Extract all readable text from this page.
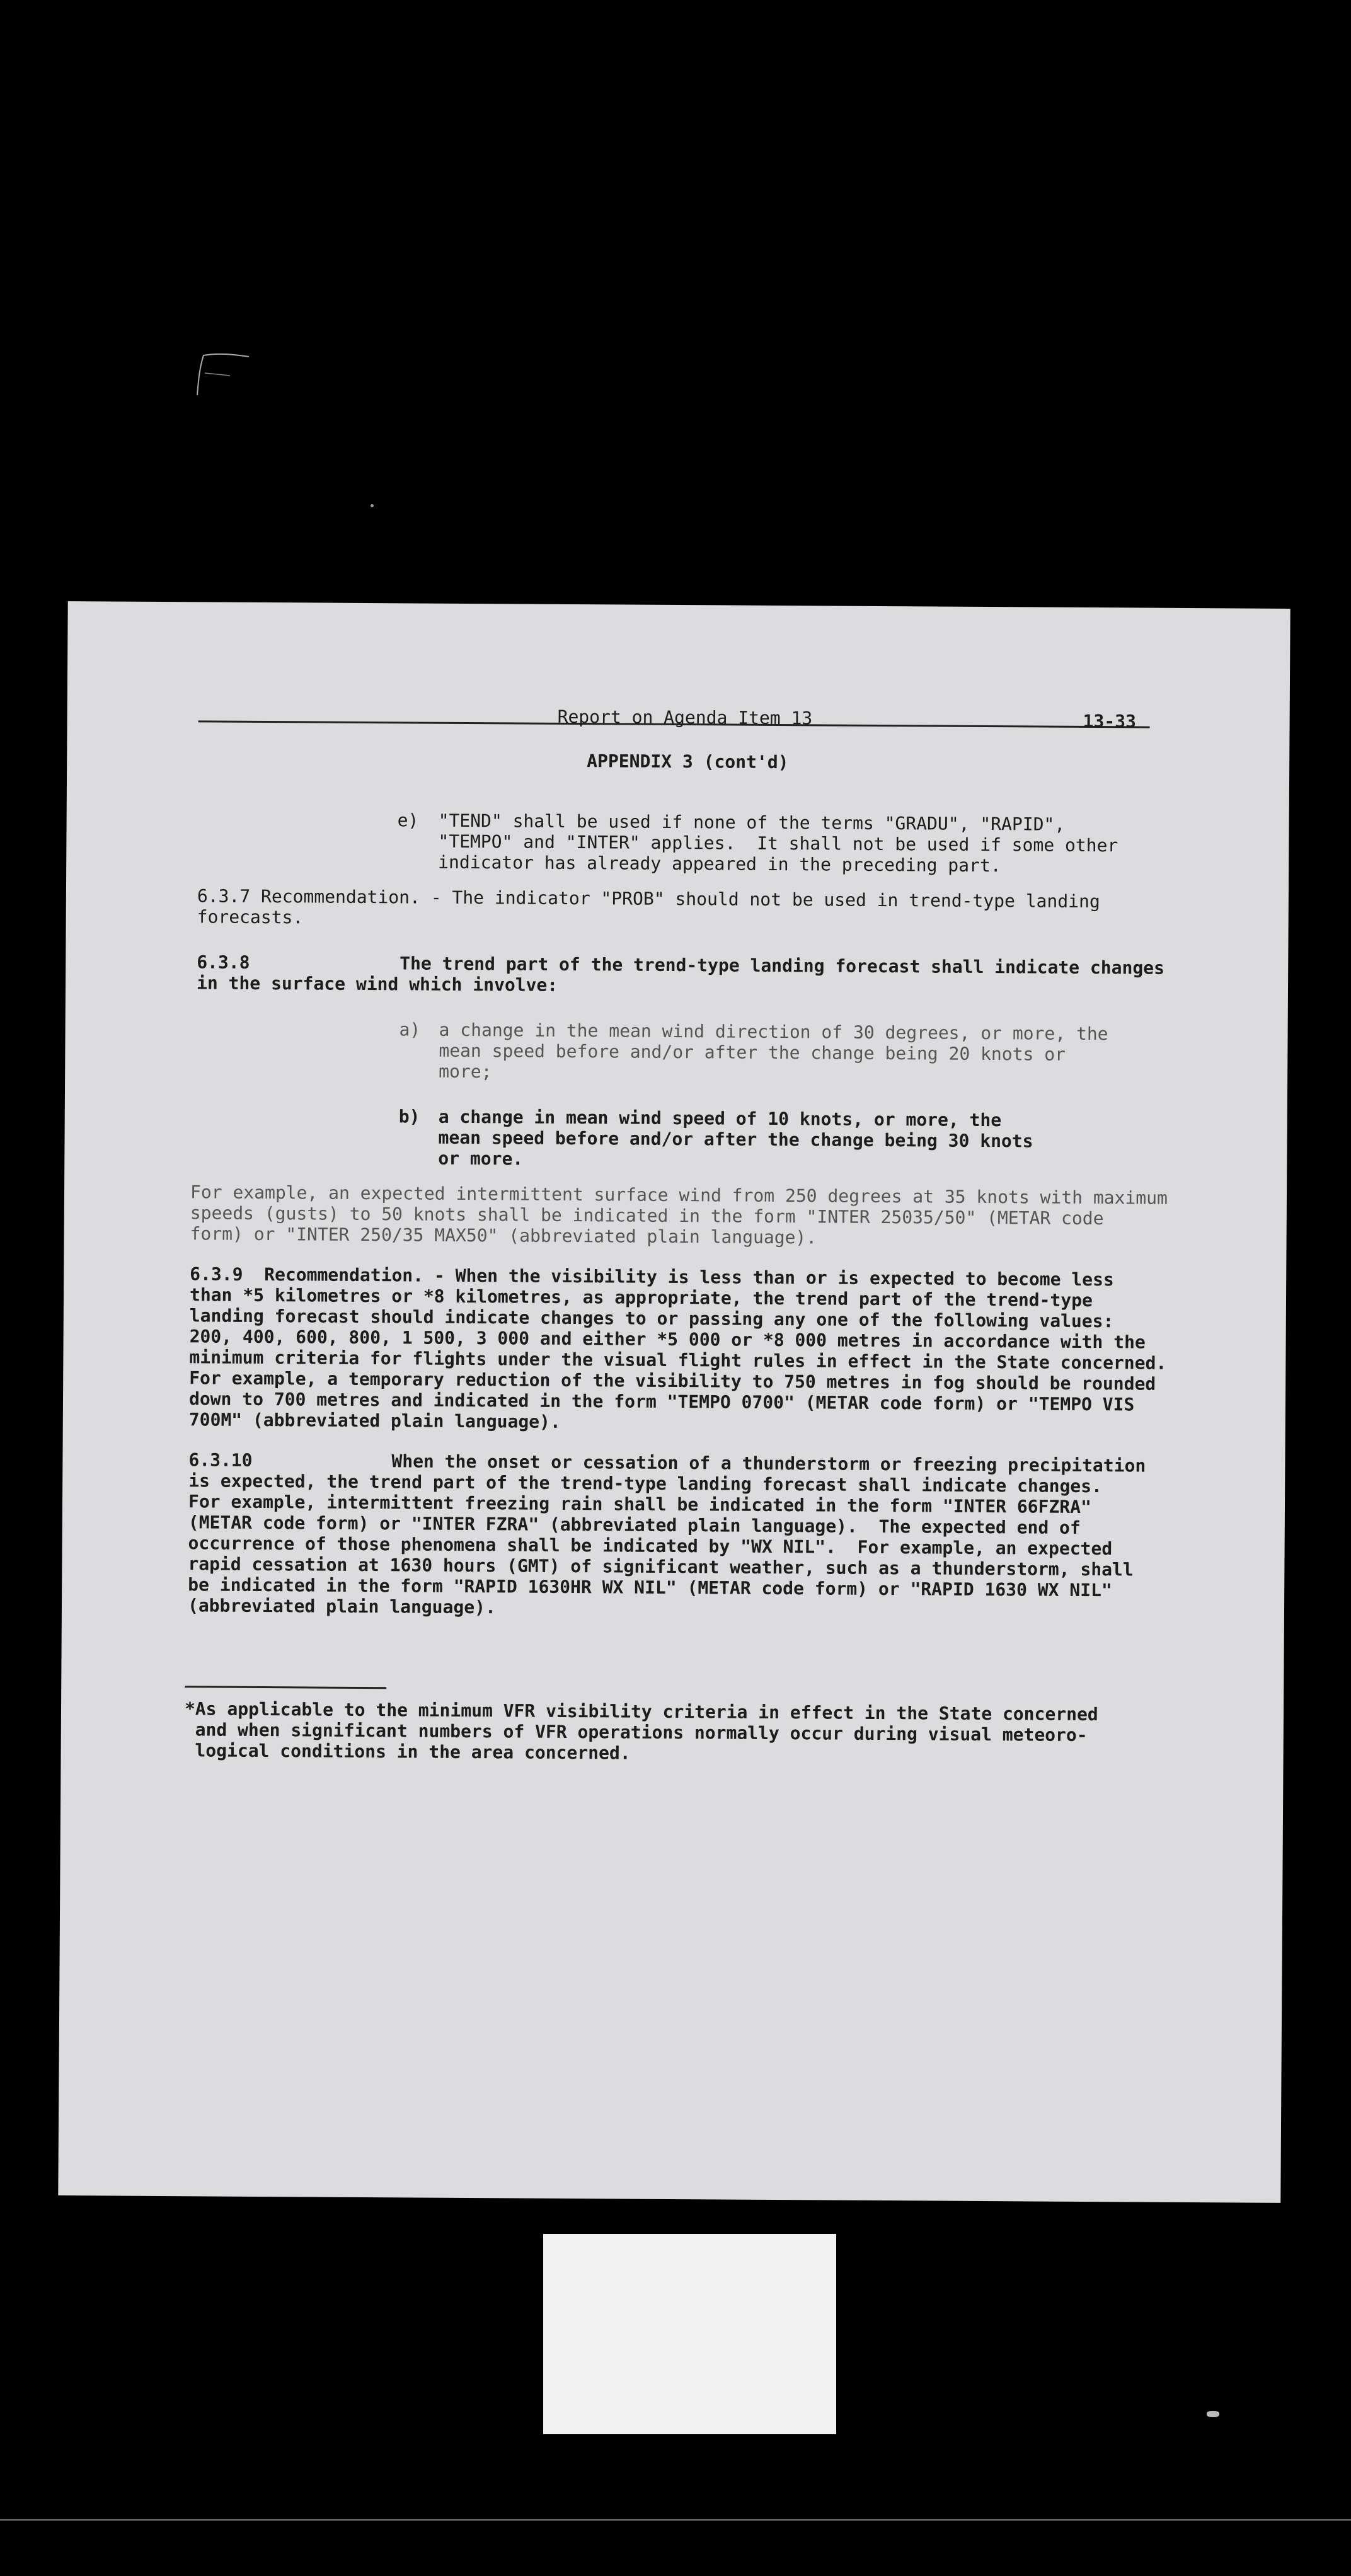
Report on Agenda Item 13	13-33
APPENDIX 3 (cont'd)
e) "TEND" shall be used if none of the terms "GRADU", "RAPID",
"TEMPO" and "INTER" applies.  It shall not be used if some other
indicator has already appeared in the preceding part.
6.3.7 Recommendation. - The indicator "PROB" should not be used in trend-type landing
forecasts.
6.3.8	The trend part of the trend-type landing forecast shall indicate changes
in the surface wind which involve:
a) a change in the mean wind direction of 30 degrees, or more, the
mean speed before and/or after the change being 20 knots or
more;
b) a change in mean wind speed of 10 knots, or more, the
mean speed before and/or after the change being 30 knots
or more.
For example, an expected intermittent surface wind from 250 degrees at 35 knots with maximum
speeds (gusts) to 50 knots shall be indicated in the form "INTER 25035/50" (METAR code
form) or "INTER 250/35 MAX50" (abbreviated plain language).
6.3.9  Recommendation. - When the visibility is less than or is expected to become less
than *5 kilometres or *8 kilometres, as appropriate, the trend part of the trend-type
landing forecast should indicate changes to or passing any one of the following values:
200, 400, 600, 800, 1 500, 3 000 and either *5 000 or *8 000 metres in accordance with the
minimum criteria for flights under the visual flight rules in effect in the State concerned.
For example, a temporary reduction of the visibility to 750 metres in fog should be rounded
down to 700 metres and indicated in the form "TEMPO 0700" (METAR code form) or "TEMPO VIS
700M" (abbreviated plain language).
6.3.10	When the onset or cessation of a thunderstorm or freezing precipitation
is expected, the trend part of the trend-type landing forecast shall indicate changes.
For example, intermittent freezing rain shall be indicated in the form "INTER 66FZRA"
(METAR code form) or "INTER FZRA" (abbreviated plain language).  The expected end of
occurrence of those phenomena shall be indicated by "WX NIL".  For example, an expected
rapid cessation at 1630 hours (GMT) of significant weather, such as a thunderstorm, shall
be indicated in the form "RAPID 1630HR WX NIL" (METAR code form) or "RAPID 1630 WX NIL"
(abbreviated plain language).
*As applicable to the minimum VFR visibility criteria in effect in the State concerned
and when significant numbers of VFR operations normally occur during visual meteoro-
logical conditions in the area concerned.
